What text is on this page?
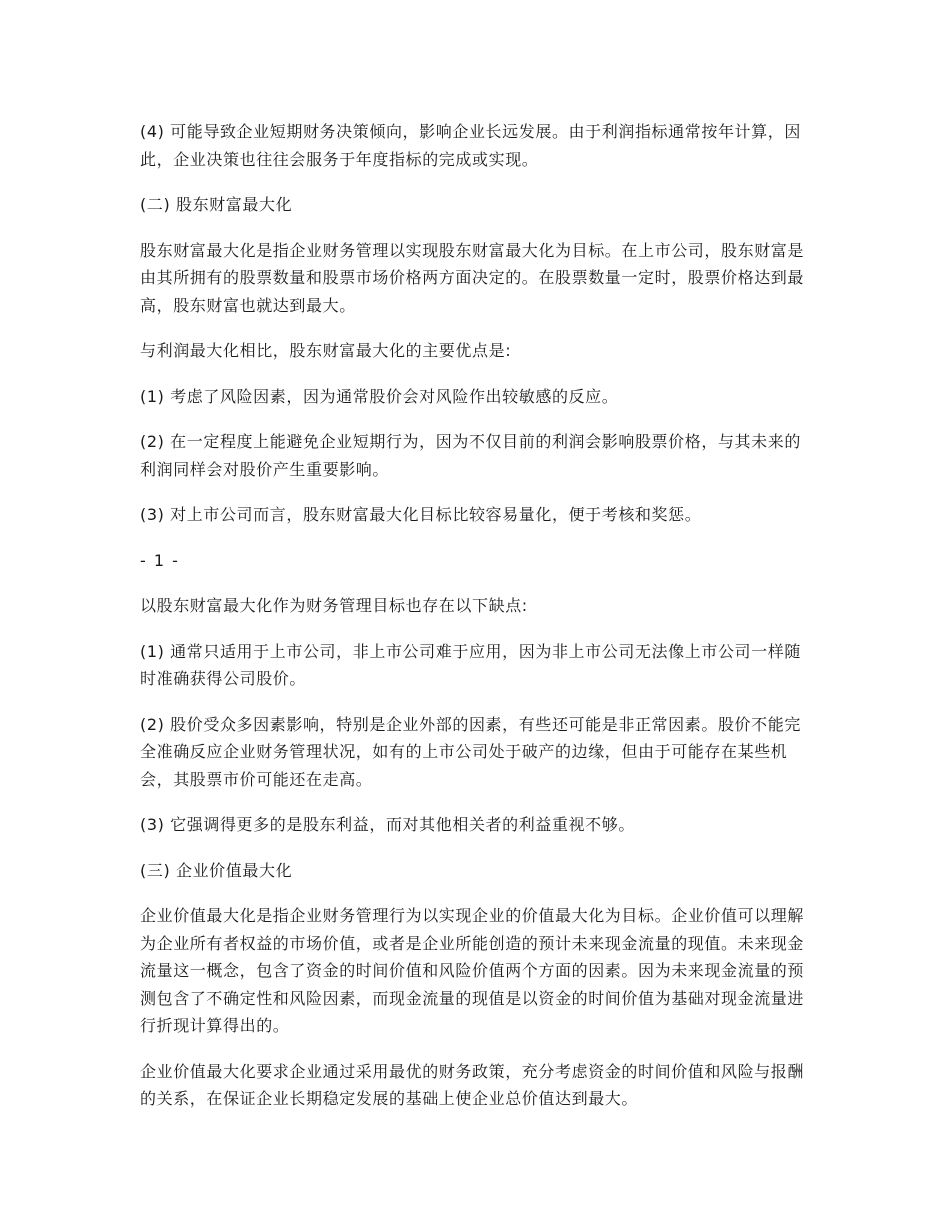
(4) 可能导致企业短期财务决策倾向，影响企业长远发展。由于利润指标通常按年计算，因此，企业决策也往往会服务于年度指标的完成或实现。

(二) 股东财富最大化

股东财富最大化是指企业财务管理以实现股东财富最大化为目标。在上市公司，股东财富是由其所拥有的股票数量和股票市场价格两方面决定的。在股票数量一定时，股票价格达到最高，股东财富也就达到最大。

与利润最大化相比，股东财富最大化的主要优点是:

(1) 考虑了风险因素，因为通常股价会对风险作出较敏感的反应。

(2) 在一定程度上能避免企业短期行为，因为不仅目前的利润会影响股票价格，与其未来的利润同样会对股价产生重要影响。

(3) 对上市公司而言，股东财富最大化目标比较容易量化，便于考核和奖惩。

- 1 -

以股东财富最大化作为财务管理目标也存在以下缺点:

(1) 通常只适用于上市公司，非上市公司难于应用，因为非上市公司无法像上市公司一样随时准确获得公司股价。

(2) 股价受众多因素影响，特别是企业外部的因素，有些还可能是非正常因素。股价不能完全准确反应企业财务管理状况，如有的上市公司处于破产的边缘，但由于可能存在某些机会，其股票市价可能还在走高。

(3) 它强调得更多的是股东利益，而对其他相关者的利益重视不够。

(三) 企业价值最大化

企业价值最大化是指企业财务管理行为以实现企业的价值最大化为目标。企业价值可以理解为企业所有者权益的市场价值，或者是企业所能创造的预计未来现金流量的现值。未来现金流量这一概念，包含了资金的时间价值和风险价值两个方面的因素。因为未来现金流量的预测包含了不确定性和风险因素，而现金流量的现值是以资金的时间价值为基础对现金流量进行折现计算得出的。

企业价值最大化要求企业通过采用最优的财务政策，充分考虑资金的时间价值和风险与报酬的关系，在保证企业长期稳定发展的基础上使企业总价值达到最大。
